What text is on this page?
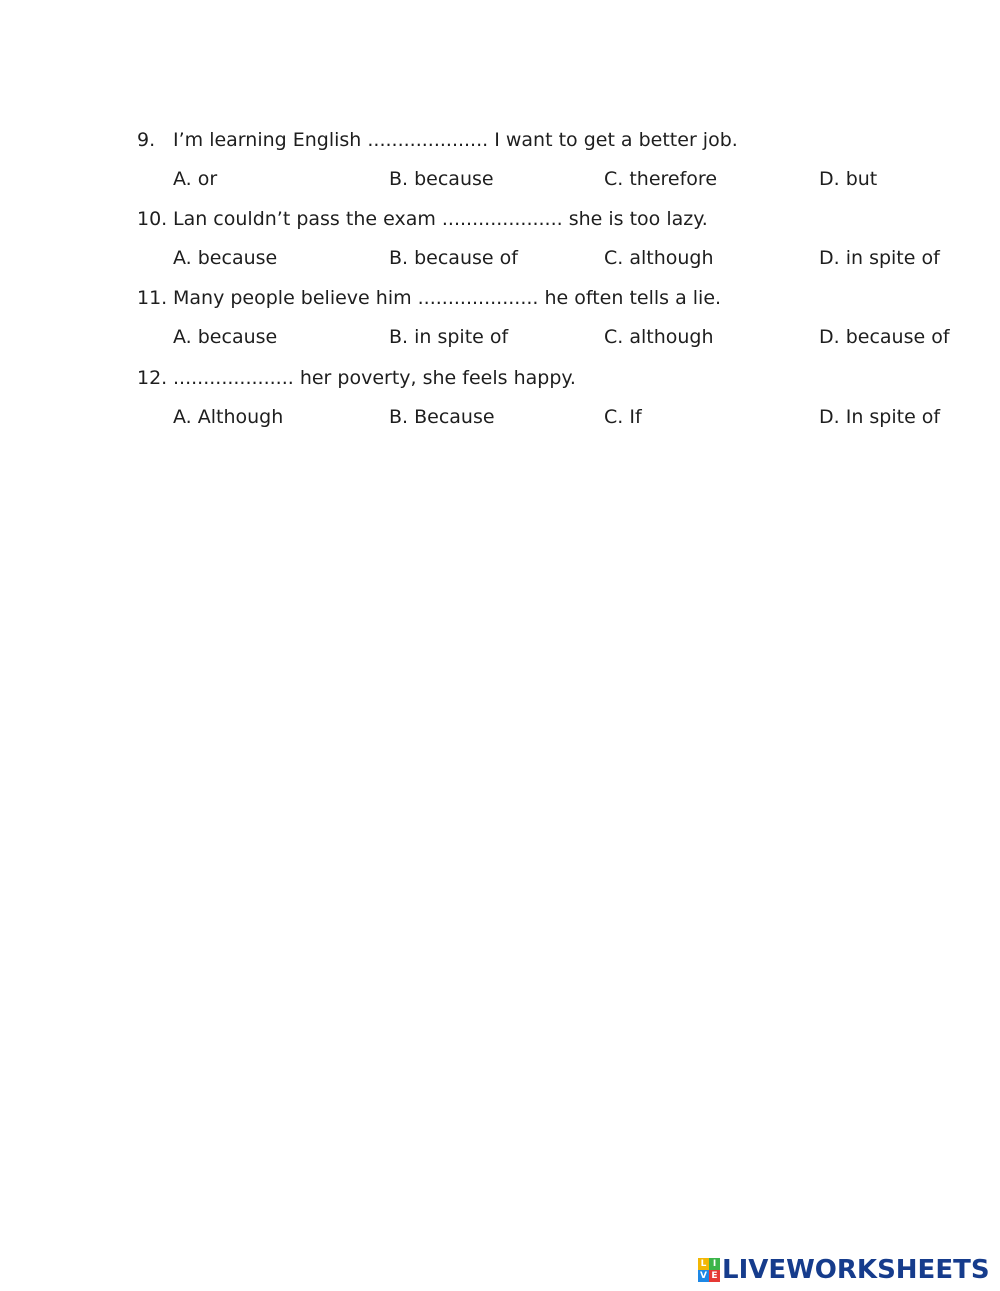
9. I’m learning English .................... I want to get a better job.
A. or	B. because	C. therefore	D. but
10. Lan couldn’t pass the exam .................... she is too lazy.
A. because	B. because of	C. although	D. in spite of
11. Many people believe him .................... he often tells a lie.
A. because	B. in spite of	C. although	D. because of
12. .................... her poverty, she feels happy.
A. Although	B. Because	C. If	D. In spite of
L I
V E LIVEWORKSHEETS
